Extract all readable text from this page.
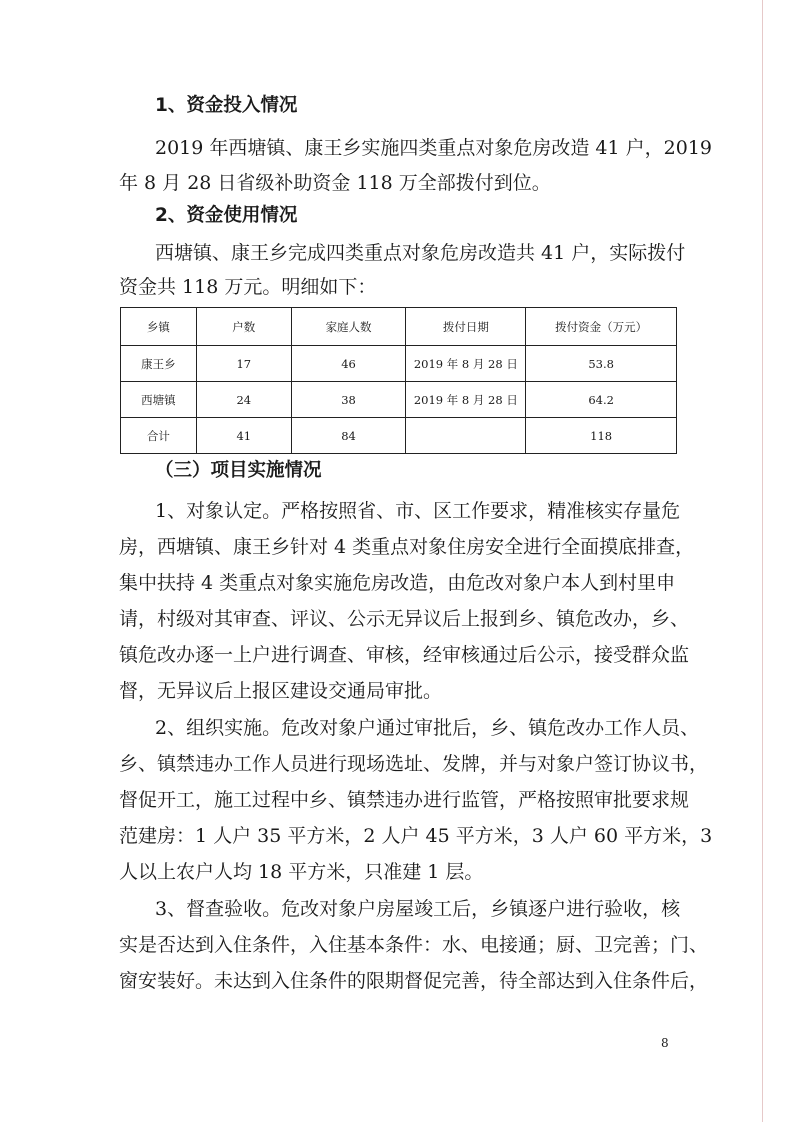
1、资金投入情况
2019 年西塘镇、康王乡实施四类重点对象危房改造 41 户，2019
年 8 月 28 日省级补助资金 118 万全部拨付到位。
2、资金使用情况
西塘镇、康王乡完成四类重点对象危房改造共 41 户，实际拨付
资金共 118 万元。明细如下：
乡镇	户数	家庭人数	拨付日期	拨付资金（万元）
康王乡	17	46	2019 年 8 月 28 日	53.8
西塘镇	24	38	2019 年 8 月 28 日	64.2
合计	41	84		118
（三）项目实施情况
1、对象认定。严格按照省、市、区工作要求，精准核实存量危
房，西塘镇、康王乡针对 4 类重点对象住房安全进行全面摸底排查，
集中扶持 4 类重点对象实施危房改造，由危改对象户本人到村里申
请，村级对其审查、评议、公示无异议后上报到乡、镇危改办，乡、
镇危改办逐一上户进行调查、审核，经审核通过后公示，接受群众监
督，无异议后上报区建设交通局审批。
2、组织实施。危改对象户通过审批后，乡、镇危改办工作人员、
乡、镇禁违办工作人员进行现场选址、发牌，并与对象户签订协议书，
督促开工，施工过程中乡、镇禁违办进行监管，严格按照审批要求规
范建房：1 人户 35 平方米，2 人户 45 平方米，3 人户 60 平方米，3
人以上农户人均 18 平方米，只准建 1 层。
3、督查验收。危改对象户房屋竣工后，乡镇逐户进行验收，核
实是否达到入住条件，入住基本条件：水、电接通；厨、卫完善；门、
窗安装好。未达到入住条件的限期督促完善，待全部达到入住条件后，
8
